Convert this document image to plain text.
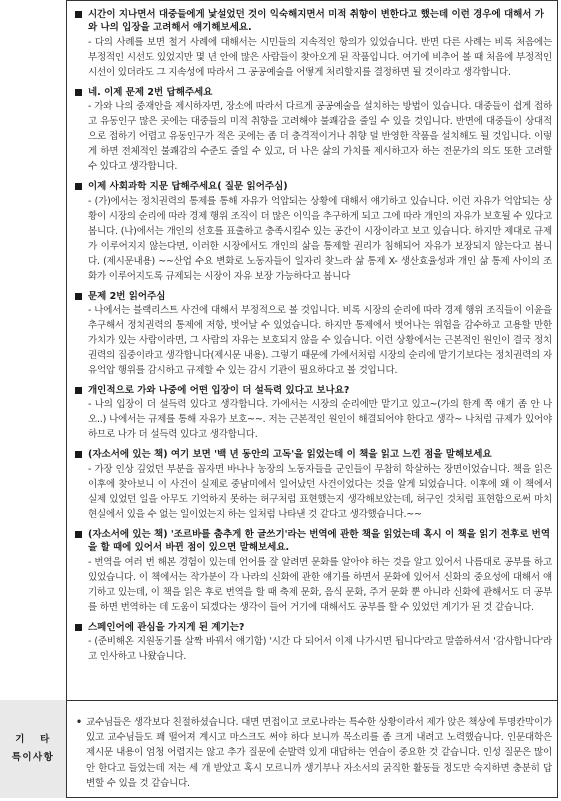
시간이 지나면서 대중들에게 낯설었던 것이 익숙해지면서 미적 취향이 변한다고 했는데 이런 경우에 대해서 가와 나의 입장을 고려해서 얘기해보세요.
- 다의 사례를 보면 철거 사례에 대해서는 시민들의 지속적인 항의가 있었습니다. 반면 다른 사례는 비록 처음에는 부정적인 시선도 있었지만 몇 년 안에 많은 사람들이 찾아오게 된 작품입니다. 여기에 비추어 볼 때 처음에 부정적인 시선이 있더라도 그 지속성에 따라서 그 공공예술을 어떻게 처리할지를 결정하면 될 것이라고 생각합니다.
네. 이제 문제 2번 답해주세요
- 가와 나의 중재안을 제시하자면, 장소에 따라서 다르게 공공예술을 설치하는 방법이 있습니다. 대중들이 쉽게 접하고 유동인구 많은 곳에는 대중들의 미적 취향을 고려해야 불쾌감을 줄일 수 있을 것입니다. 반면에 대중들이 상대적으로 접하기 어렵고 유동인구가 적은 곳에는 좀 더 충격적이거나 취향 덜 반영한 작품을 설치해도 될 것입니다. 이렇게 하면 전체적인 불쾌감의 수준도 줄일 수 있고, 더 나은 삶의 가치를 제시하고자 하는 전문가의 의도 또한 고려할 수 있다고 생각합니다.
이제 사회과학 지문 답해주세요( 질문 읽어주심)
- (가)에서는 정치권력의 통제를 통해 자유가 억압되는 상황에 대해서 얘기하고 있습니다. 이런 자유가 억압되는 상황이 시장의 순리에 따라 경제 행위 조직이 더 많은 이익을 추구하게 되고 그에 따라 개인의 자유가 보호될 수 있다고봅니다. (나)에서는 개인의 선호를 표출하고 충족시킬수 있는 공간이 시장이라고 보고 있습니다. 하지만 제대로 규제가 이루어지지 않는다면, 이러한 시장에서도 개인의 삶을 통제할 권리가 침해되어 자유가 보장되지 않는다고 봅니다. (제시문내용) ~~산업 수요 변화로 노동자들이 일자리 찾느라 삶 통제 X- 생산효율성과 개인 삶 통제 사이의 조화가 이루어지도록 규제되는 시장이 자유 보장 가능하다고 봅니다
문제 2번 읽어주심
- 나에서는 블랙리스트 사건에 대해서 부정적으로 볼 것입니다. 비록 시장의 순리에 따라 경제 행위 조직들이 이윤을 추구해서 정치권력의 통제에 저항, 벗어날 수 있었습니다. 하지만 통제에서 벗어나는 위험을 감수하고 고용할 만한 가치가 있는 사람이라면, 그 사람의 자유는 보호되지 않을 수 있습니다. 이런 상황에서는 근본적인 원인이 결국 정치권력의 집중이라고 생각합니다(제시문 내용). 그렇기 때문에 가에서처럼 시장의 순리에 맡기기보다는 정치권력의 자유억압 행위를 감시하고 규제할 수 있는 감시 기관이 필요하다고 볼 것입니다.
개인적으로 가와 나중에 어떤 입장이 더 설득력 있다고 보나요?
- 나의 입장이 더 설득력 있다고 생각합니다. 가에서는 시장의 순리에만 맡기고 있고~(가의 한계 쪽 얘기 좀 안 나오..) 나에서는 규제를 통해 자유가 보호~~. 저는 근본적인 원인이 해결되어야 한다고 생각~ 나처럼 규제가 있어야 하므로 나가 더 설득력 있다고 생각합니다.
(자소서에 있는 책) 여기 보면 '백 년 동안의 고독'을 읽었는데 이 책을 읽고 느낀 점을 말해보세요
- 가장 인상 깊었던 부분을 꼽자면 바나나 농장의 노동자들을 군인들이 무참히 학살하는 장면이었습니다. 책을 읽은 이후에 찾아보니 이 사건이 실제로 중남미에서 일어났던 사건이었다는 것을 알게 되었습니다. 이후에 왜 이 책에서 실제 있었던 일을 아무도 기억하지 못하는 허구처럼 표현했는지 생각해보았는데, 허구인 것처럼 표현함으로써 마치 현실에서 있을 수 없는 일이었는지 하는 일처럼 나타낸 것 같다고 생각했습니다.~~
(자소서에 있는 책) '조르바를 춤추게 한 글쓰기'라는 번역에 관한 책을 읽었는데 혹시 이 책을 읽기 전후로 번역을 할 때에 있어서 바뀐 점이 있으면 말해보세요.
- 번역을 여러 번 해본 경험이 있는데 언어를 잘 알려면 문화를 알아야 하는 것을 알고 있어서 나름대로 공부를 하고 있었습니다. 이 책에서는 작가분이 각 나라의 신화에 관한 얘기를 하면서 문화에 있어서 신화의 중요성에 대해서 얘기하고 있는데, 이 책을 읽은 후로 번역을 할 때 축제 문화, 음식 문화, 주거 문화 뿐 아니라 신화에 관해서도 더 공부를 하면 번역하는 데 도움이 되겠다는 생각이 들어 거기에 대해서도 공부를 할 수 있었던 계기가 된 것 같습니다.
스페인어에 관심을 가지게 된 계기는?
- (준비해온 지원동기를 살짝 바꿔서 얘기함) '시간 다 되어서 이제 나가시면 됩니다'라고 말씀하셔서 '감사합니다'라고 인사하고 나왔습니다.
기   타
특이사항
• 교수님들은 생각보다 친절하셨습니다. 대면 면접이고 코로나라는 특수한 상황이라서 제가 앉은 책상에 투명칸막이가 있고 교수님들도 꽤 떨어져 계시고 마스크도 써야 하다 보니까 목소리를 좀 크게 내려고 노력했습니다. 인문대학은 제시문 내용이 엄청 어렵지는 않고 추가 질문에 순발력 있게 대답하는 연습이 중요한 것 같습니다. 인성 질문은 많이 안 한다고 들었는데 저는 세 개 받았고 혹시 모르니까 생기부나 자소서의 굵직한 활동들 정도만 숙지하면 충분히 답변할 수 있을 것 같습니다.
